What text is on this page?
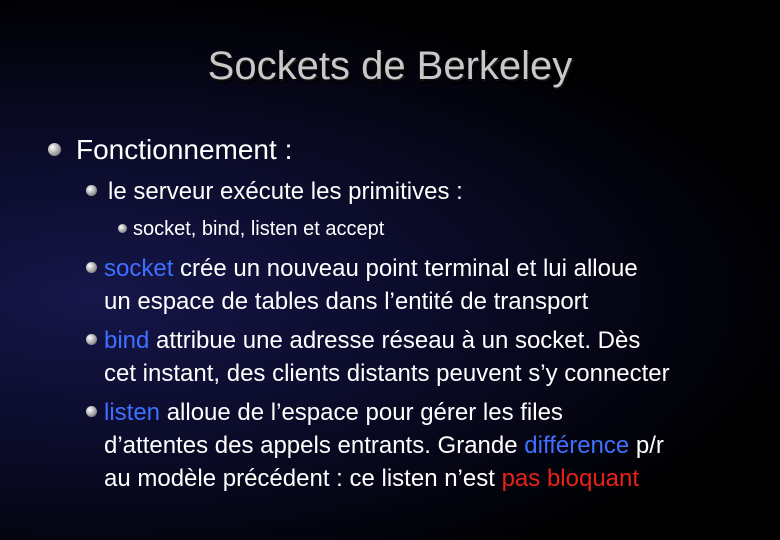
Sockets de Berkeley
Fonctionnement :
le serveur exécute les primitives :
socket, bind, listen et accept
socket crée un nouveau point terminal et lui alloue
un espace de tables dans l’entité de transport
bind attribue une adresse réseau à un socket. Dès
cet instant, des clients distants peuvent s’y connecter
listen alloue de l’espace pour gérer les files
d’attentes des appels entrants. Grande différence p/r
au modèle précédent : ce listen n’est pas bloquant
